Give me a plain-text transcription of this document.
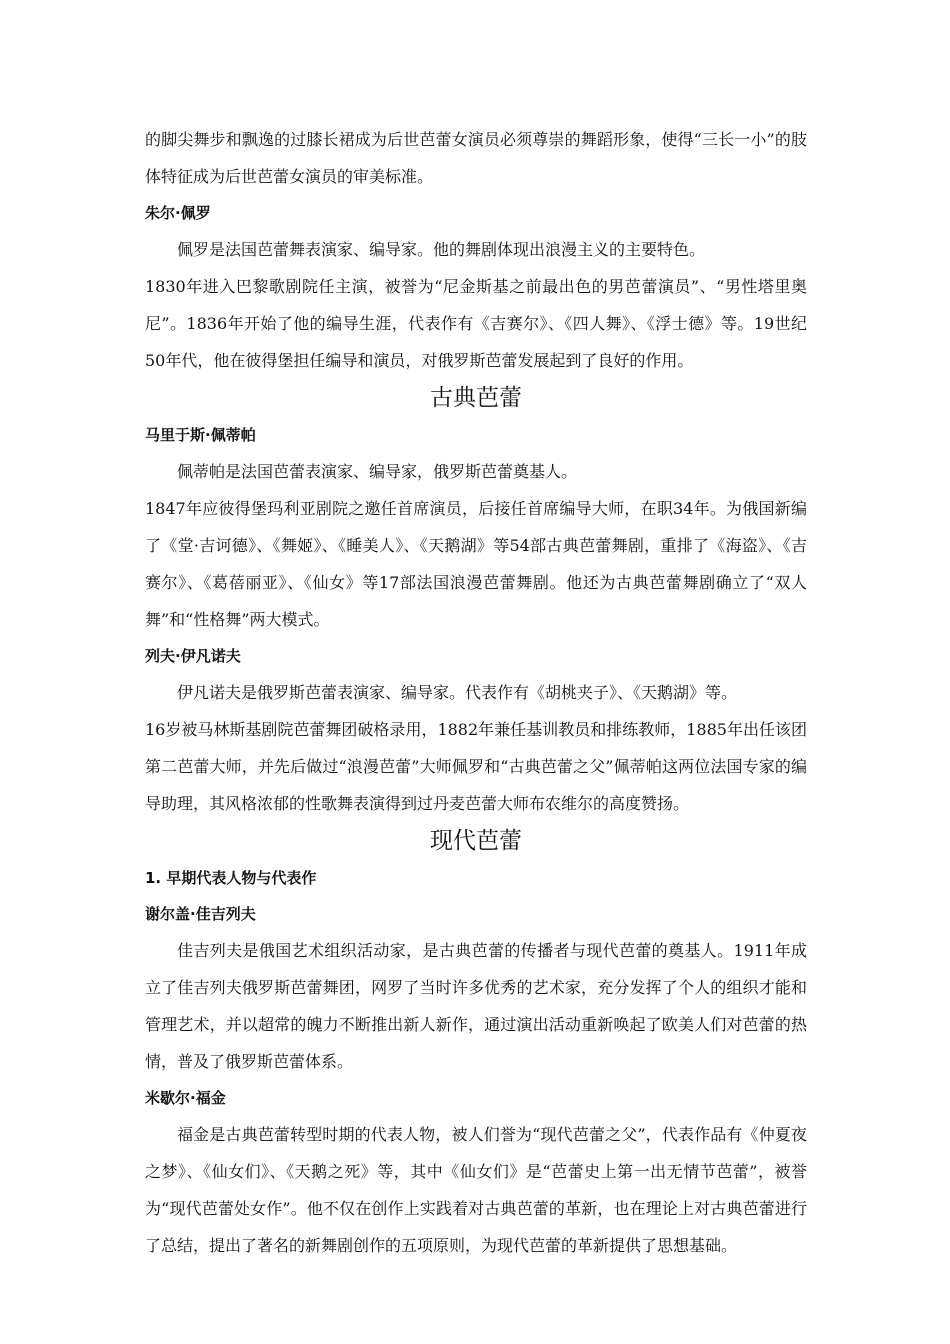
的脚尖舞步和飘逸的过膝长裙成为后世芭蕾女演员必须尊崇的舞蹈形象，使得“三长一小”的肢体特征成为后世芭蕾女演员的审美标准。

朱尔·佩罗

佩罗是法国芭蕾舞表演家、编导家。他的舞剧体现出浪漫主义的主要特色。

1830年进入巴黎歌剧院任主演，被誉为“尼金斯基之前最出色的男芭蕾演员”、“男性塔里奥尼”。1836年开始了他的编导生涯，代表作有《吉赛尔》、《四人舞》、《浮士德》等。19世纪50年代，他在彼得堡担任编导和演员，对俄罗斯芭蕾发展起到了良好的作用。

古典芭蕾
马里于斯·佩蒂帕

佩蒂帕是法国芭蕾表演家、编导家，俄罗斯芭蕾奠基人。

1847年应彼得堡玛利亚剧院之邀任首席演员，后接任首席编导大师，在职34年。为俄国新编了《堂·吉诃德》、《舞姬》、《睡美人》、《天鹅湖》等54部古典芭蕾舞剧，重排了《海盗》、《吉赛尔》、《葛蓓丽亚》、《仙女》等17部法国浪漫芭蕾舞剧。他还为古典芭蕾舞剧确立了“双人舞”和“性格舞”两大模式。

列夫·伊凡诺夫

伊凡诺夫是俄罗斯芭蕾表演家、编导家。代表作有《胡桃夹子》、《天鹅湖》等。

16岁被马林斯基剧院芭蕾舞团破格录用，1882年兼任基训教员和排练教师，1885年出任该团第二芭蕾大师，并先后做过“浪漫芭蕾”大师佩罗和“古典芭蕾之父”佩蒂帕这两位法国专家的编导助理，其风格浓郁的性歌舞表演得到过丹麦芭蕾大师布农维尔的高度赞扬。

现代芭蕾
1. 早期代表人物与代表作
谢尔盖·佳吉列夫

佳吉列夫是俄国艺术组织活动家，是古典芭蕾的传播者与现代芭蕾的奠基人。1911年成立了佳吉列夫俄罗斯芭蕾舞团，网罗了当时许多优秀的艺术家，充分发挥了个人的组织才能和管理艺术，并以超常的魄力不断推出新人新作，通过演出活动重新唤起了欧美人们对芭蕾的热情，普及了俄罗斯芭蕾体系。

米歇尔·福金

福金是古典芭蕾转型时期的代表人物，被人们誉为“现代芭蕾之父”，代表作品有《仲夏夜之梦》、《仙女们》、《天鹅之死》等，其中《仙女们》是“芭蕾史上第一出无情节芭蕾”，被誉为“现代芭蕾处女作”。他不仅在创作上实践着对古典芭蕾的革新，也在理论上对古典芭蕾进行了总结，提出了著名的新舞剧创作的五项原则，为现代芭蕾的革新提供了思想基础。
